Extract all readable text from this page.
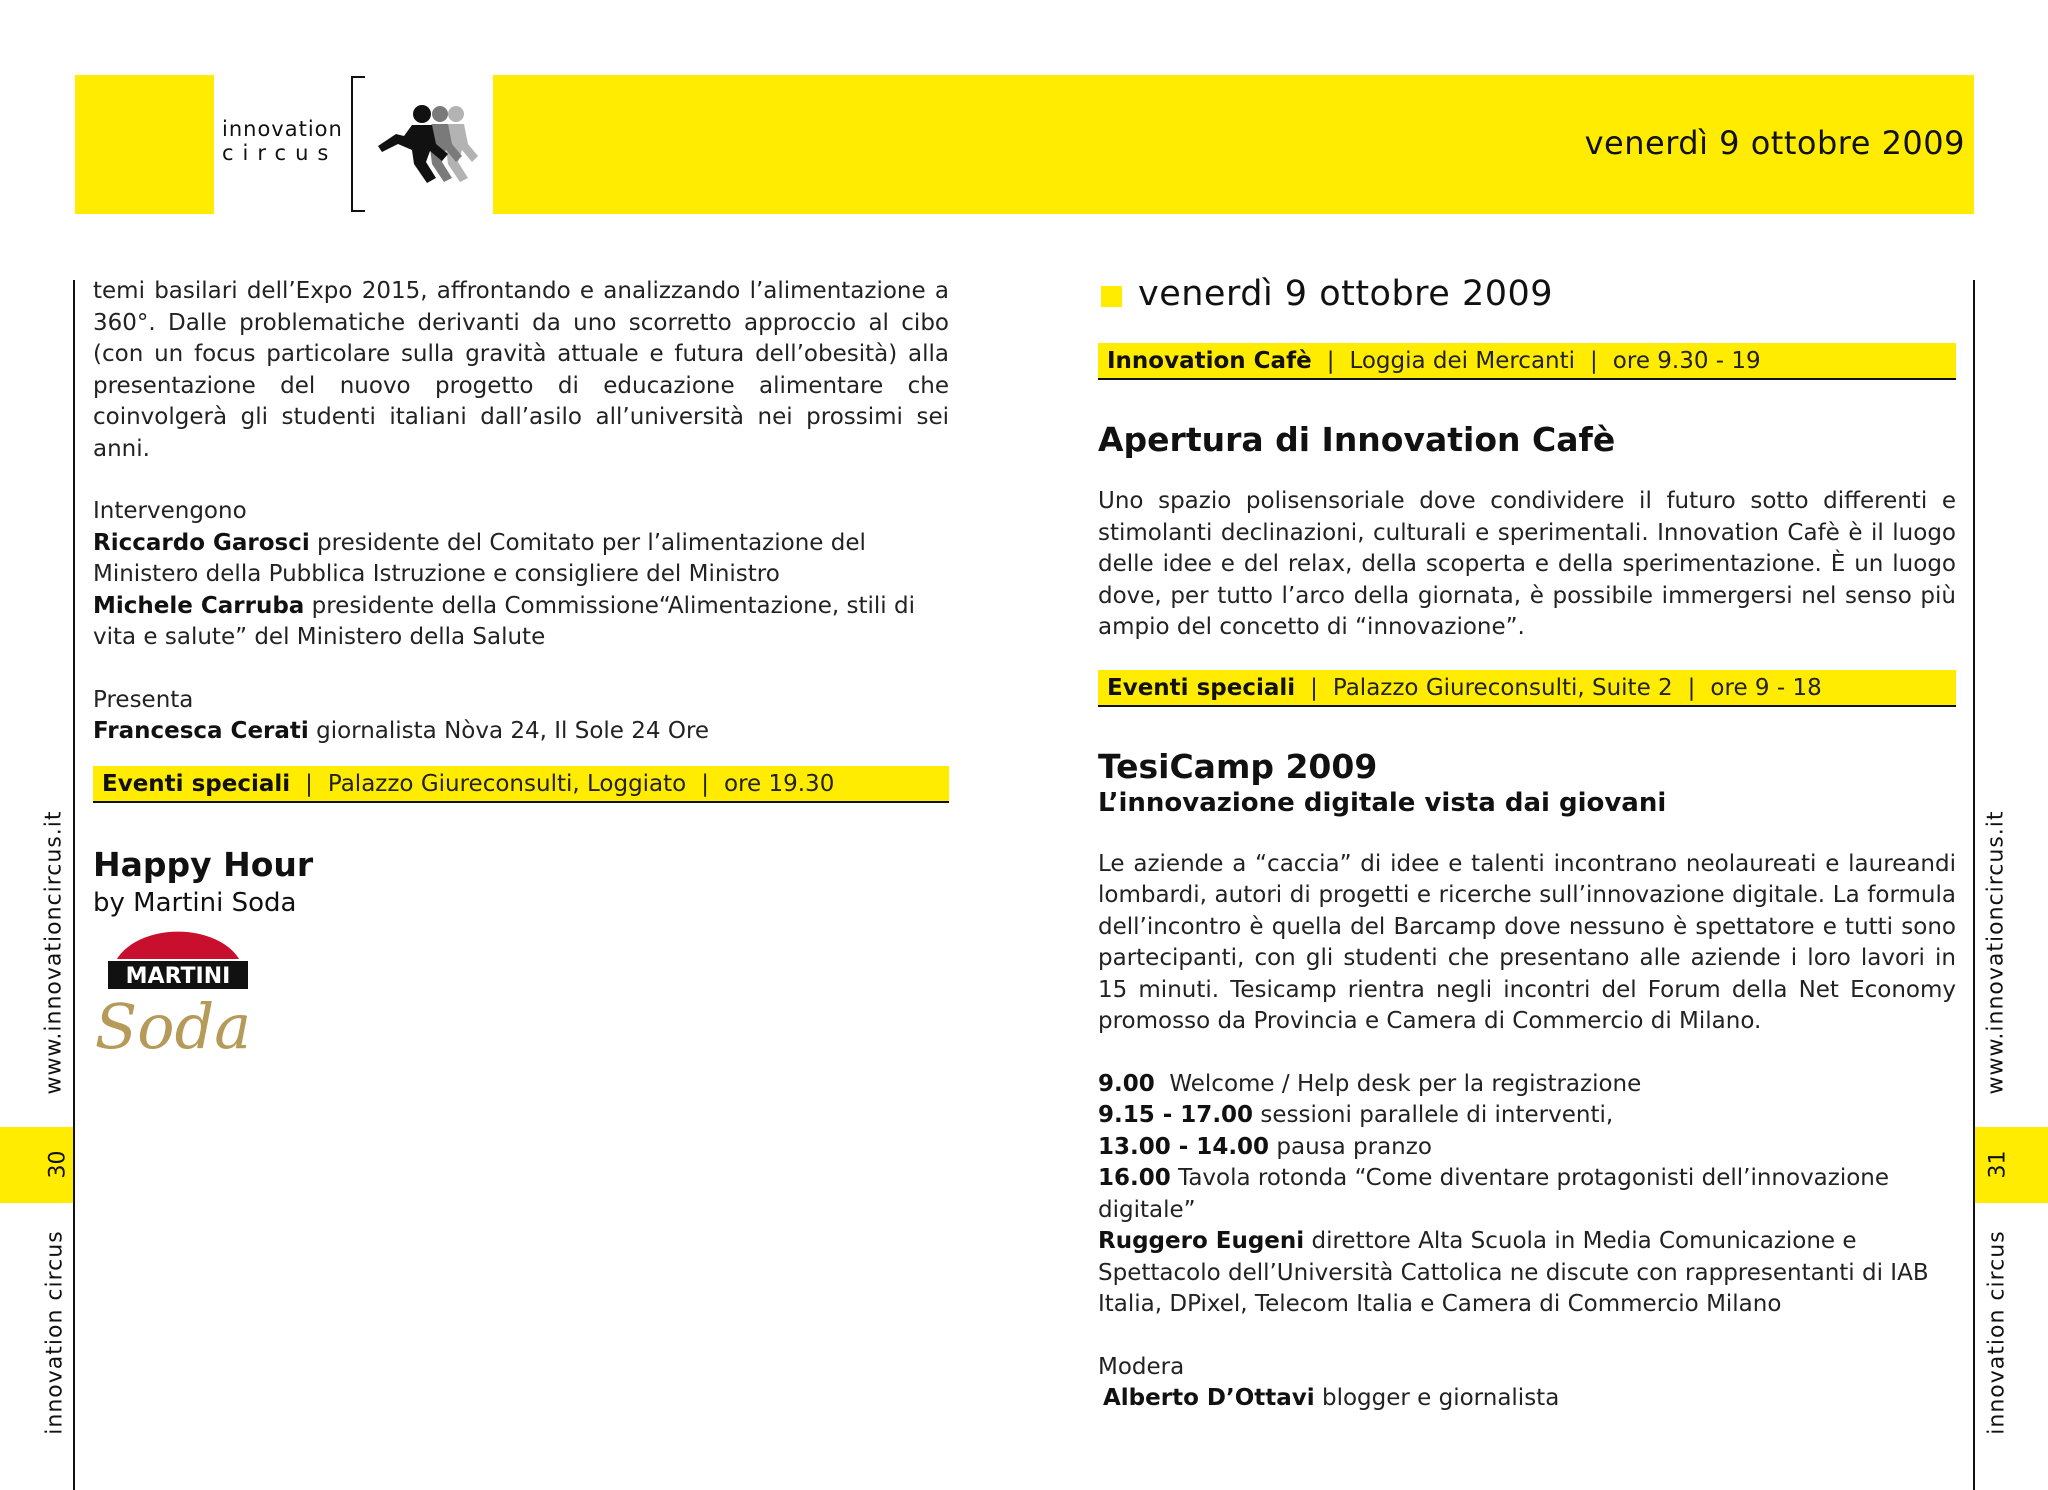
innovation
circus	venerdì 9 ottobre 2009
www.innovationcircus.it
30
innovation circus
www.innovationcircus.it
31
innovation circus

temi basilari dell’Expo 2015, affrontando e analizzando l’alimentazione a 360°. Dalle problematiche derivanti da uno scorretto approccio al cibo (con un focus particolare sulla gravità attuale e futura dell’obesità) alla presentazione del nuovo progetto di educazione alimentare che coinvolgerà gli studenti italiani dall’asilo all’università nei prossimi sei anni.

Intervengono

Riccardo Garosci presidente del Comitato per l’alimentazione del Ministero della Pubblica Istruzione e consigliere del Ministro

Michele Carruba presidente della Commissione“Alimentazione, stili di vita e salute” del Ministero della Salute

Presenta

Francesca Cerati giornalista Nòva 24, Il Sole 24 Ore

Eventi speciali | Palazzo Giureconsulti, Loggiato | ore 19.30
Happy Hour

by Martini Soda

MARTINI
Soda
venerdì 9 ottobre 2009
Innovation Cafè | Loggia dei Mercanti | ore 9.30 - 19
Apertura di Innovation Cafè

Uno spazio polisensoriale dove condividere il futuro sotto differenti e stimolanti declinazioni, culturali e sperimentali. Innovation Cafè è il luogo delle idee e del relax, della scoperta e della sperimentazione. È un luogo dove, per tutto l’arco della giornata, è possibile immergersi nel senso più ampio del concetto di “innovazione”.

Eventi speciali | Palazzo Giureconsulti, Suite 2 | ore 9 - 18
TesiCamp 2009

L’innovazione digitale vista dai giovani

Le aziende a “caccia” di idee e talenti incontrano neolaureati e laureandi lombardi, autori di progetti e ricerche sull’innovazione digitale. La formula dell’incontro è quella del Barcamp dove nessuno è spettatore e tutti sono partecipanti, con gli studenti che presentano alle aziende i loro lavori in 15 minuti. Tesicamp rientra negli incontri del Forum della Net Economy promosso da Provincia e Camera di Commercio di Milano.

9.00  Welcome / Help desk per la registrazione

9.15 - 17.00 sessioni parallele di interventi,

13.00 - 14.00 pausa pranzo

16.00 Tavola rotonda “Come diventare protagonisti dell’innovazione digitale”

Ruggero Eugeni direttore Alta Scuola in Media Comunicazione e Spettacolo dell’Università Cattolica ne discute con rappresentanti di IAB Italia, DPixel, Telecom Italia e Camera di Commercio Milano

Modera

Alberto D’Ottavi blogger e giornalista
